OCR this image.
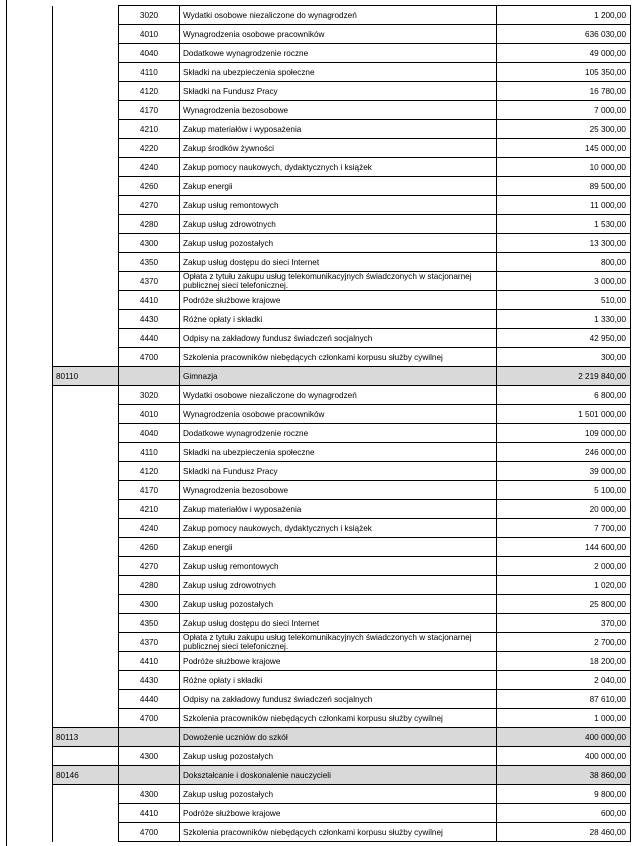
	3020	Wydatki osobowe niezaliczone do wynagrodzeń	1 200,00
	4010	Wynagrodzenia osobowe pracowników	636 030,00
	4040	Dodatkowe wynagrodzenie roczne	49 000,00
	4110	Składki na ubezpieczenia społeczne	105 350,00
	4120	Składki na Fundusz Pracy	16 780,00
	4170	Wynagrodzenia bezosobowe	7 000,00
	4210	Zakup materiałów i wyposażenia	25 300,00
	4220	Zakup środków żywności	145 000,00
	4240	Zakup pomocy naukowych, dydaktycznych i książek	10 000,00
	4260	Zakup energii	89 500,00
	4270	Zakup usług remontowych	11 000,00
	4280	Zakup usług zdrowotnych	1 530,00
	4300	Zakup usług pozostałych	13 300,00
	4350	Zakup usług dostępu do sieci Internet	800,00
	4370	Opłata z tytułu zakupu usług telekomunikacyjnych świadczonych w stacjonarnej publicznej sieci telefonicznej.	3 000,00
	4410	Podróże służbowe krajowe	510,00
	4430	Różne opłaty i składki	1 330,00
	4440	Odpisy na zakładowy fundusz świadczeń socjalnych	42 950,00
	4700	Szkolenia pracowników niebędących członkami korpusu służby cywilnej	300,00
80110		Gimnazja	2 219 840,00
	3020	Wydatki osobowe niezaliczone do wynagrodzeń	6 800,00
	4010	Wynagrodzenia osobowe pracowników	1 501 000,00
	4040	Dodatkowe wynagrodzenie roczne	109 000,00
	4110	Składki na ubezpieczenia społeczne	246 000,00
	4120	Składki na Fundusz Pracy	39 000,00
	4170	Wynagrodzenia bezosobowe	5 100,00
	4210	Zakup materiałów i wyposażenia	20 000,00
	4240	Zakup pomocy naukowych, dydaktycznych i książek	7 700,00
	4260	Zakup energii	144 600,00
	4270	Zakup usług remontowych	2 000,00
	4280	Zakup usług zdrowotnych	1 020,00
	4300	Zakup usług pozostałych	25 800,00
	4350	Zakup usług dostępu do sieci Internet	370,00
	4370	Opłata z tytułu zakupu usług telekomunikacyjnych świadczonych w stacjonarnej publicznej sieci telefonicznej.	2 700,00
	4410	Podróże służbowe krajowe	18 200,00
	4430	Różne opłaty i składki	2 040,00
	4440	Odpisy na zakładowy fundusz świadczeń socjalnych	87 610,00
	4700	Szkolenia pracowników niebędących członkami korpusu służby cywilnej	1 000,00
80113		Dowożenie uczniów do szkół	400 000,00
	4300	Zakup usług pozostałych	400 000,00
80146		Dokształcanie i doskonalenie nauczycieli	38 860,00
	4300	Zakup usług pozostałych	9 800,00
	4410	Podróże służbowe krajowe	600,00
	4700	Szkolenia pracowników niebędących członkami korpusu służby cywilnej	28 460,00
